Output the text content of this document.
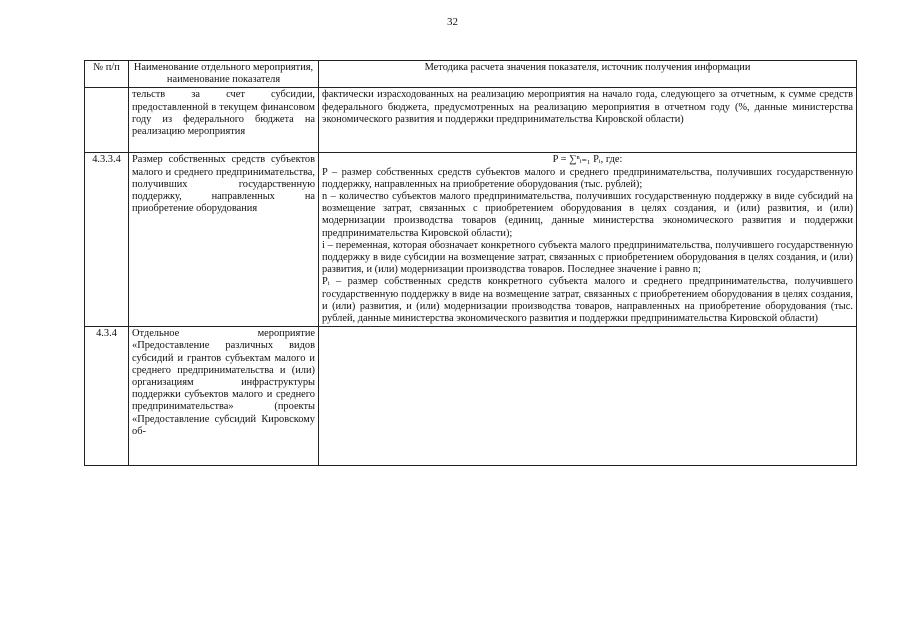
32
№ п/п	Наименование отдельного мероприятия, наименование показателя	Методика расчета значения показателя, источник получения информации
	тельств за счет субсидии, предоставленной в текущем финансовом году из федерального бюджета на реализацию мероприятия	фактически израсходованных на реализацию мероприятия на начало года, следующего за отчетным, к сумме средств федерального бюджета, предусмотренных на реализацию мероприятия в отчетном году (%, данные министерства экономического развития и поддержки предпринимательства Кировской области)
4.3.3.4	Размер собственных средств субъектов малого и среднего предпринимательства, получивших государственную поддержку, направленных на приобретение оборудования	P = ∑ⁿᵢ₌₁ Pᵢ, где:

P – размер собственных средств субъектов малого и среднего предпринимательства, получивших государственную поддержку, направленных на приобретение оборудования (тыс. рублей);

n – количество субъектов малого предпринимательства, получивших государственную поддержку в виде субсидий на возмещение затрат, связанных с приобретением оборудования в целях создания, и (или) развития, и (или) модернизации производства товаров (единиц, данные министерства экономического развития и поддержки предпринимательства Кировской области);

i – переменная, которая обозначает конкретного субъекта малого предпринимательства, получившего государственную поддержку в виде субсидии на возмещение затрат, связанных с приобретением оборудования в целях создания, и (или) развития, и (или) модернизации производства товаров. Последнее значение i равно n;

Pᵢ – размер собственных средств конкретного субъекта малого и среднего предпринимательства, получившего государственную поддержку в виде на возмещение затрат, связанных с приобретением оборудования в целях создания, и (или) развития, и (или) модернизации производства товаров, направленных на приобретение оборудования (тыс. рублей, данные министерства экономического развития и поддержки предпринимательства Кировской области)

4.3.4	Отдельное мероприятие «Предоставление различных видов субсидий и грантов субъектам малого и среднего предпринимательства и (или) организациям инфраструктуры поддержки субъектов малого и среднего предпринимательства» (проекты «Предоставление субсидий Кировскому об-	
